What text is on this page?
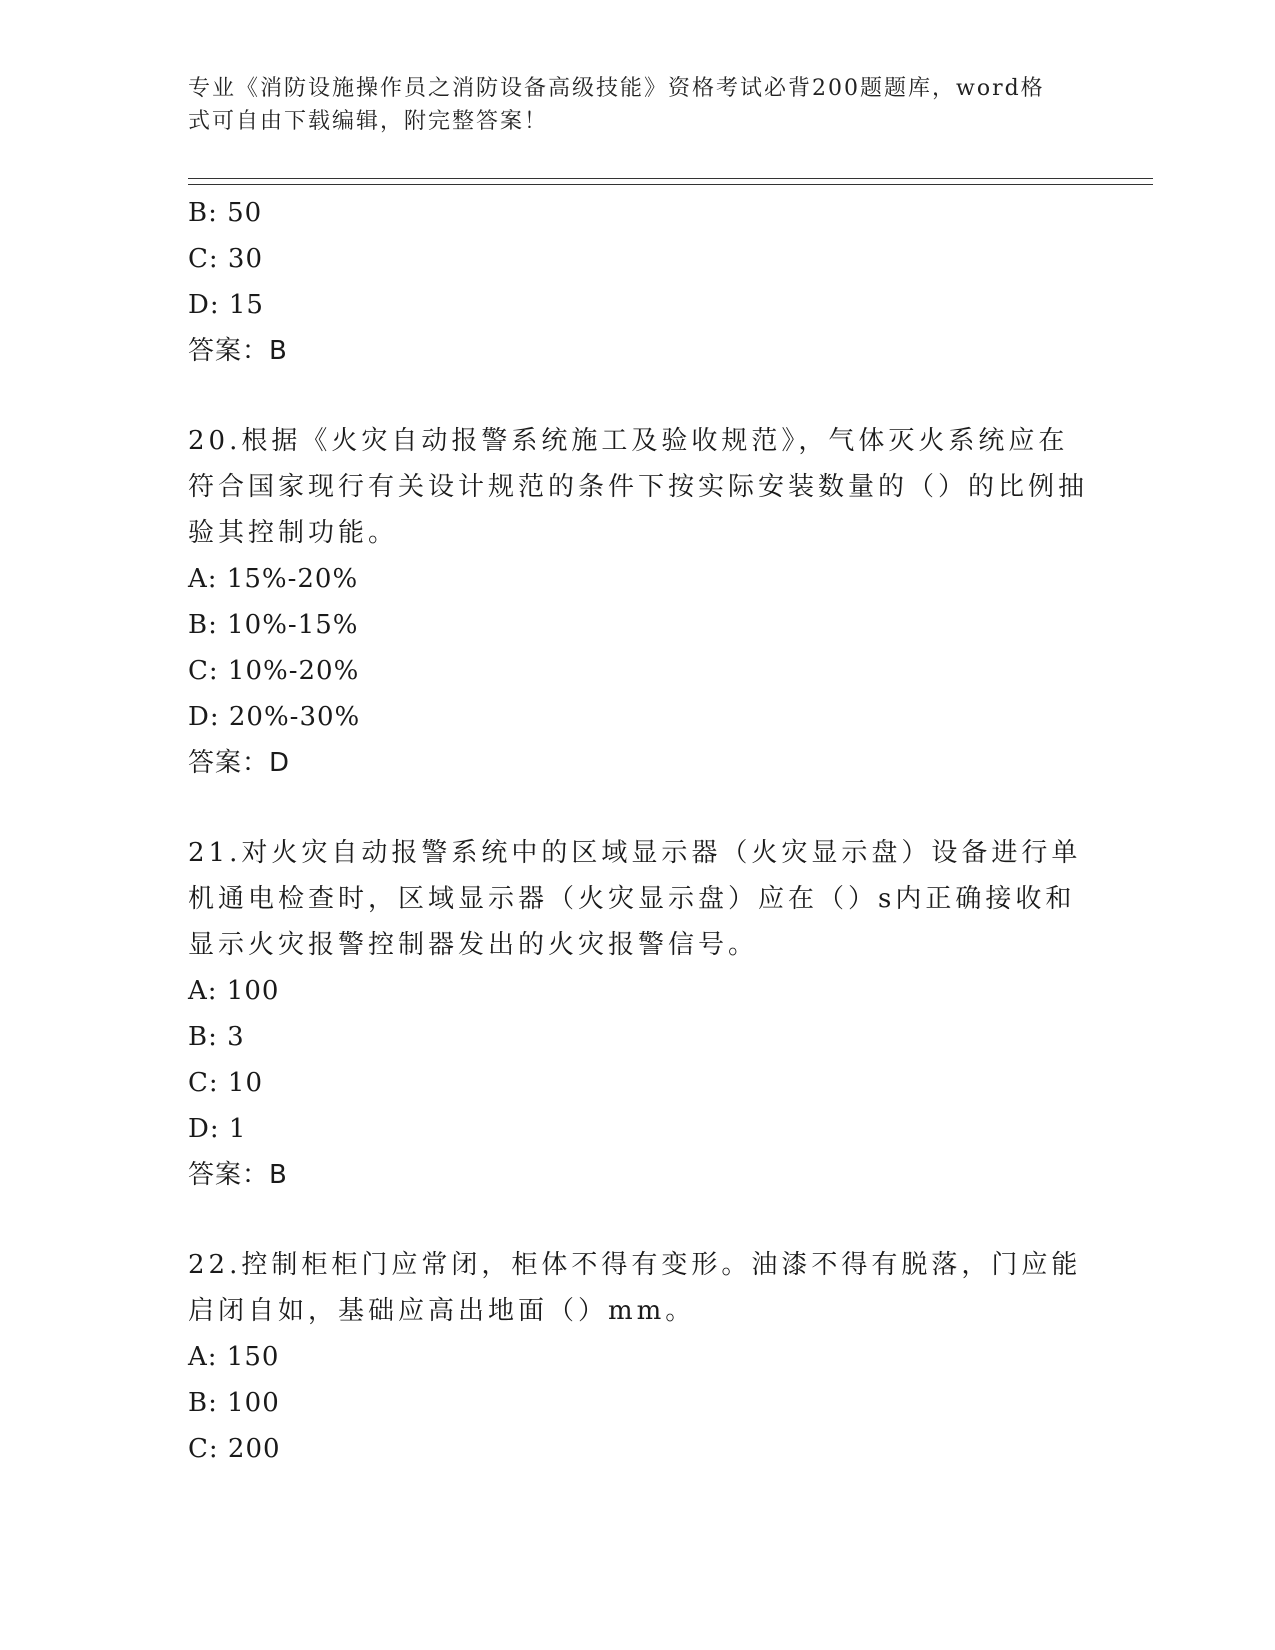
专业《消防设施操作员之消防设备高级技能》资格考试必背200题题库，word格式可自由下载编辑，附完整答案！
B: 50
C: 30
D: 15
答案：B
20.根据《火灾自动报警系统施工及验收规范》，气体灭火系统应在符合国家现行有关设计规范的条件下按实际安装数量的（）的比例抽验其控制功能。
A: 15%-20%
B: 10%-15%
C: 10%-20%
D: 20%-30%
答案：D
21.对火灾自动报警系统中的区域显示器（火灾显示盘）设备进行单机通电检查时，区域显示器（火灾显示盘）应在（）s内正确接收和显示火灾报警控制器发出的火灾报警信号。
A: 100
B: 3
C: 10
D: 1
答案：B
22.控制柜柜门应常闭，柜体不得有变形。油漆不得有脱落，门应能启闭自如，基础应高出地面（）mm。
A: 150
B: 100
C: 200
